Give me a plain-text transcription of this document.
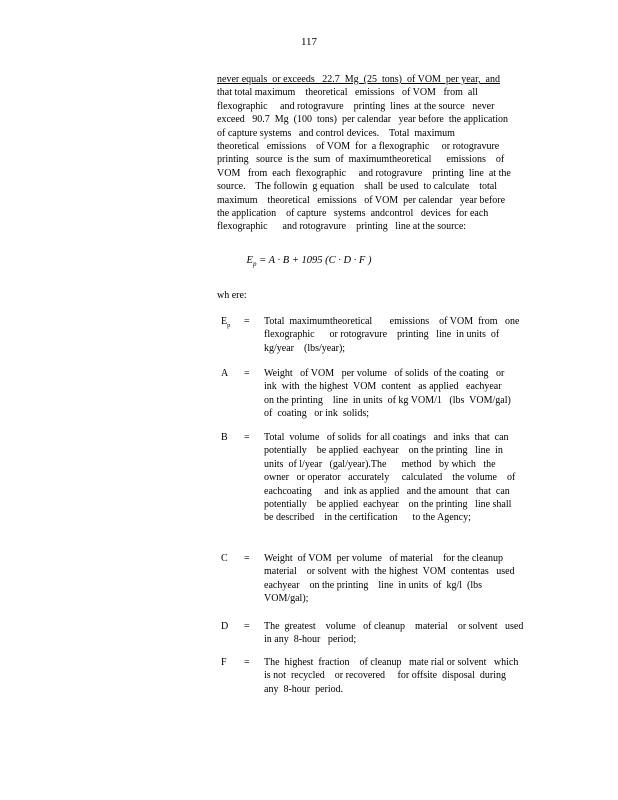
117
never equals  or exceeds   22.7  Mg  (25  tons)  of VOM  per year,  and
that total maximum    theoretical   emissions   of VOM   from  all
flexographic     and rotogravure    printing  lines  at the source   never
exceed   90.7  Mg  (100  tons)  per calendar   year before  the application
of capture systems   and control devices.    Total  maximum
theoretical   emissions    of VOM  for  a flexographic     or rotogravure
printing   source  is the  sum  of  maximumtheoretical      emissions    of
VOM   from  each  flexographic     and rotogravure    printing  line  at the
source.    The followin  g equation    shall  be used  to calculate    total
maximum    theoretical   emissions   of VOM  per calendar   year before
the application    of capture   systems  andcontrol   devices  for each
flexographic      and rotogravure    printing   line at the source:
$E_p = A \cdot B + 1095$ (C · D · F )
wh ere:
$E_p$	= Total  maximumtheoretical       emissions    of VOM  from   one
flexographic      or rotogravure    printing   line  in units  of
kg/year    (lbs/year);
A	= Weight   of VOM   per volume   of solids  of the coating   or
ink  with  the highest  VOM  content   as applied   eachyear
on the printing    line  in units  of kg VOM/1   (lbs  VOM/gal)
of  coating   or ink  solids;
B	= Total  volume   of solids  for all coatings   and  inks  that  can
potentially    be applied  eachyear    on the printing   line  in
units  of l/year   (gal/year).The      method   by which   the
owner   or operator   accurately     calculated    the volume    of
eachcoating     and  ink as applied   and the amount   that  can
potentially    be applied  eachyear    on the printing   line shall
be described    in the certification      to the Agency;
C	= Weight  of VOM  per volume   of material    for the cleanup
material    or solvent  with  the highest  VOM  contentas   used
eachyear    on the printing    line  in units  of  kg/l  (lbs
VOM/gal);
D	= The  greatest    volume   of cleanup    material    or solvent   used
in any  8-hour   period;
F	= The  highest  fraction    of cleanup   mate rial or solvent   which
is not  recycled    or recovered     for offsite  disposal  during
any  8-hour  period.
